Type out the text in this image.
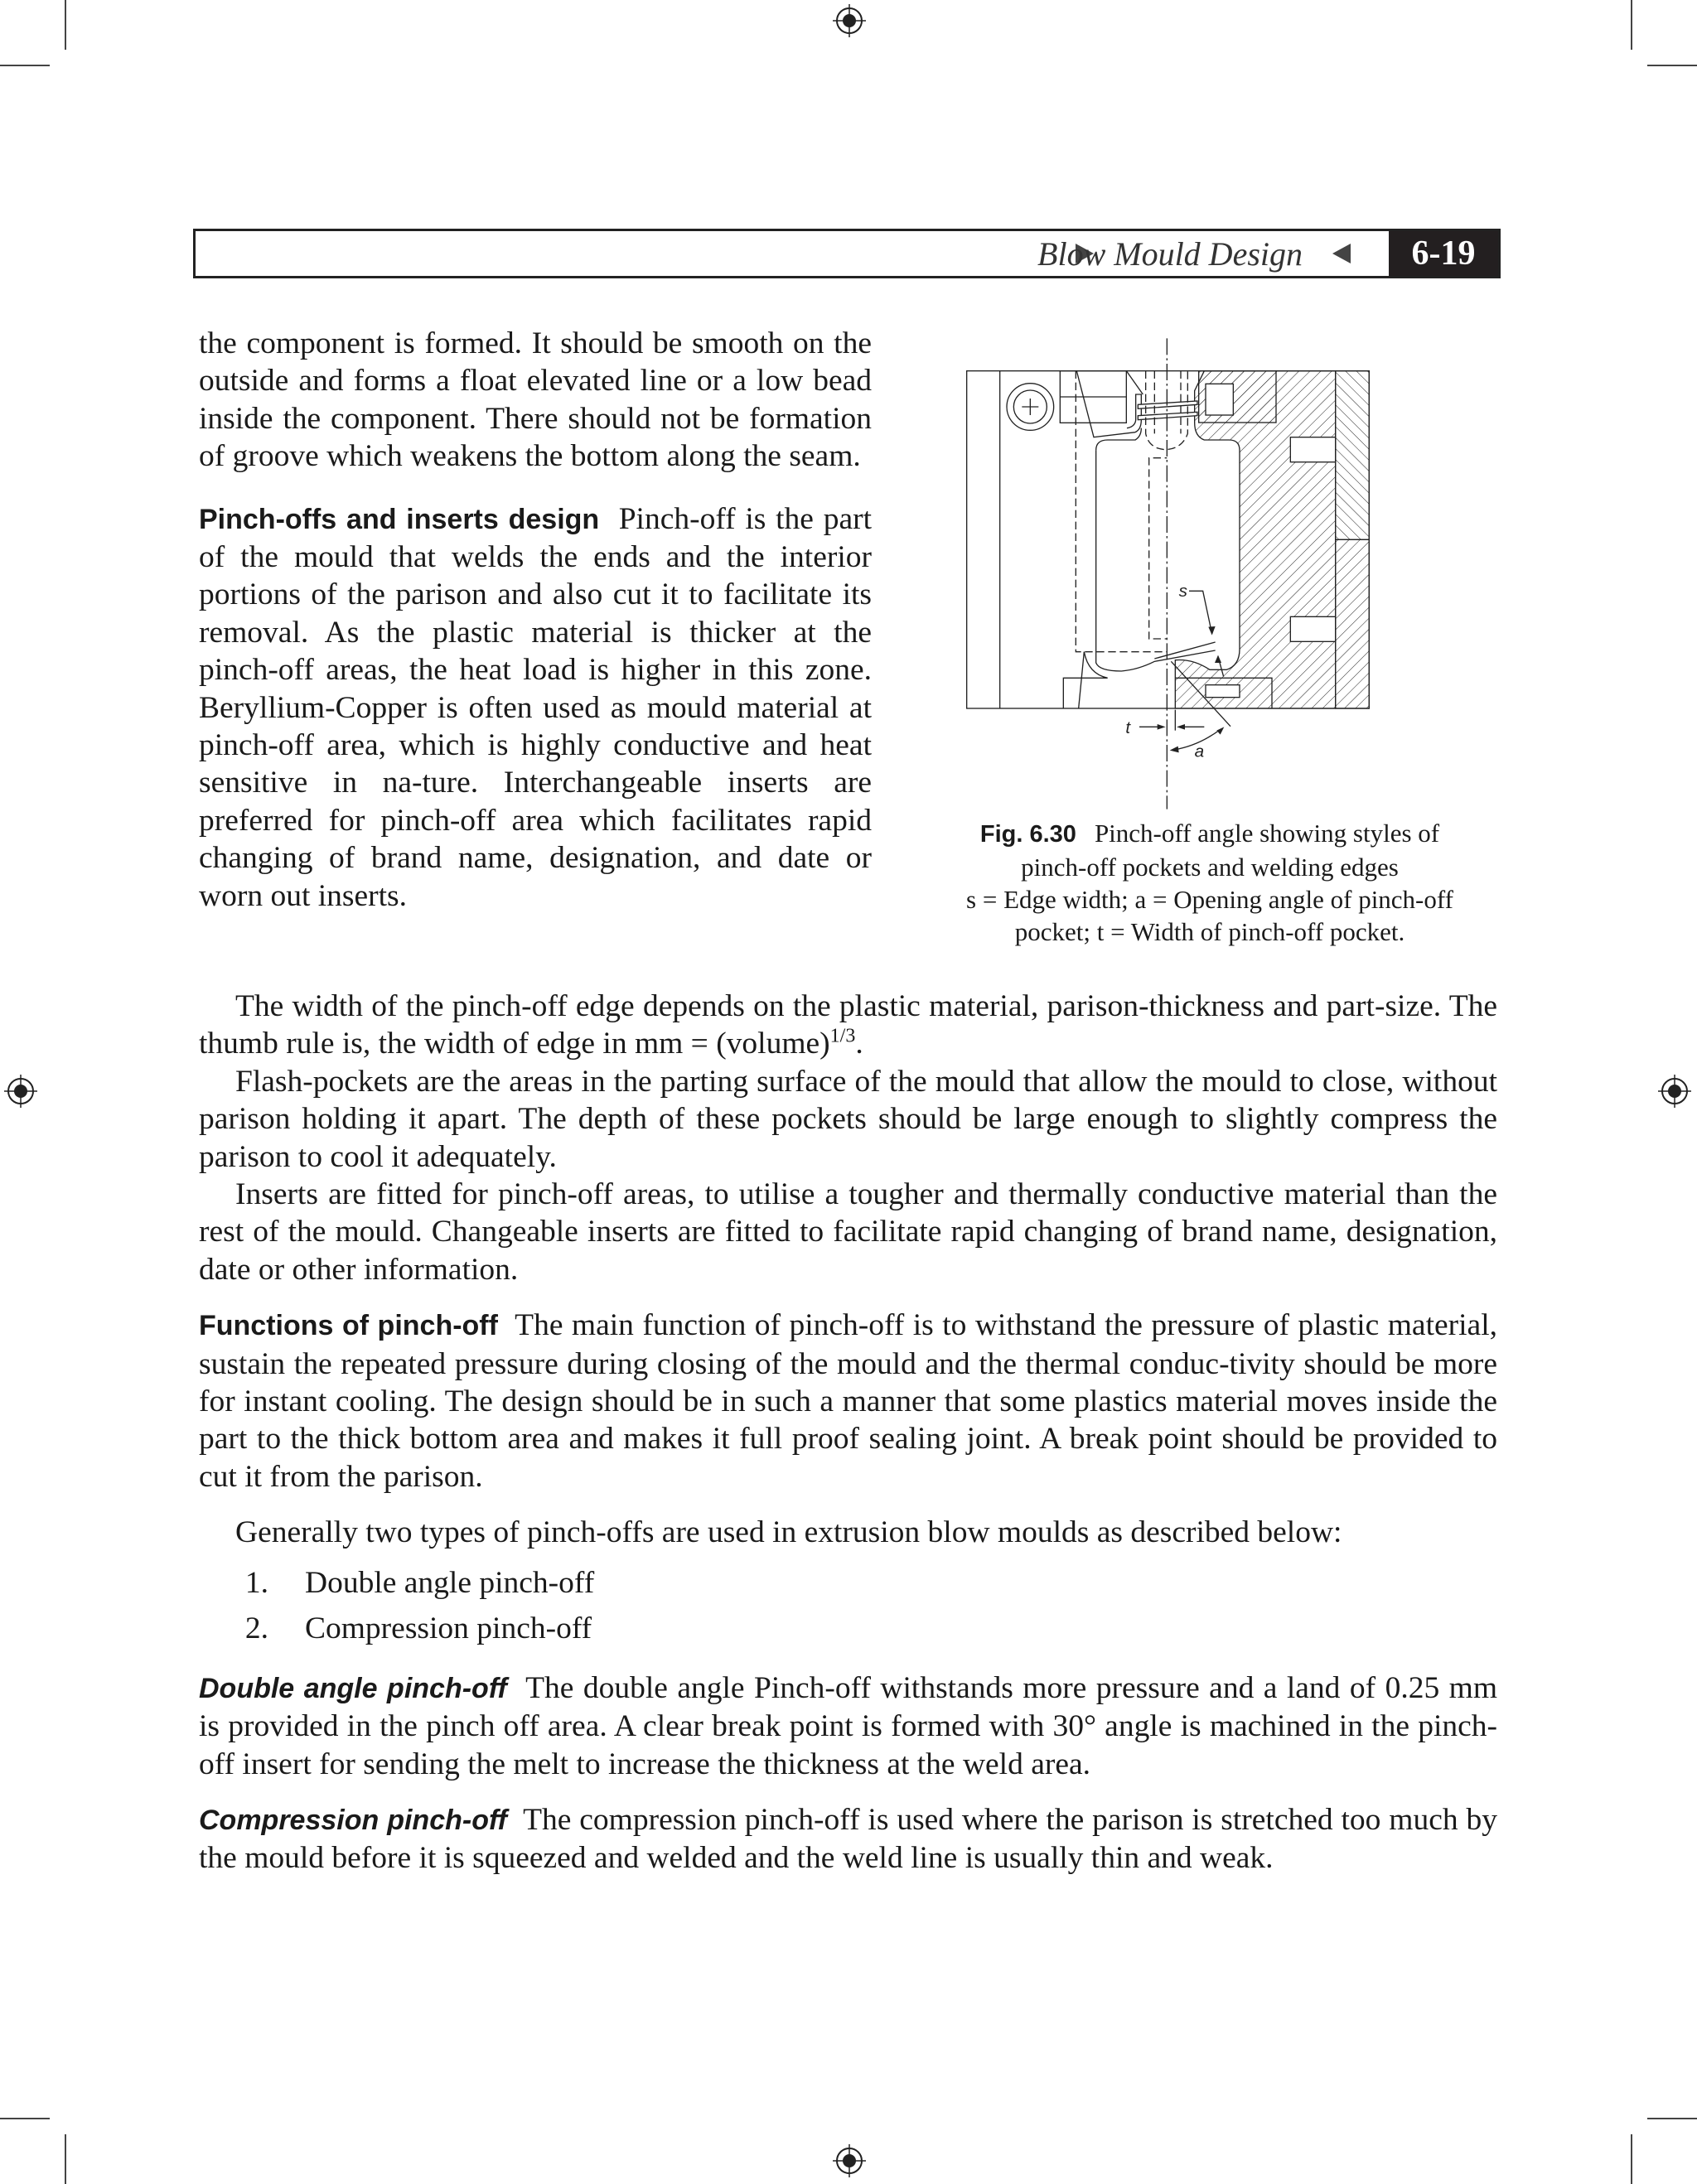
Blow Mould Design	6-19

the component is formed. It should be smooth on the outside and forms a float elevated line or a low bead inside the component. There should not be formation of groove which weakens the bottom along the seam.

Pinch-offs and inserts design Pinch-off is the part of the mould that welds the ends and the interior portions of the parison and also cut it to facilitate its removal. As the plastic material is thicker at the pinch-off areas, the heat load is higher in this zone. Beryllium-Copper is often used as mould material at pinch-off area, which is highly conductive and heat sensitive in na-ture. Interchangeable inserts are preferred for pinch-off area which facilitates rapid changing of brand name, designation, and date or worn out inserts.

s
t
a
Fig. 6.30 Pinch-off angle showing styles of
pinch-off pockets and welding edges
s = Edge width; a = Opening angle of pinch-off
pocket; t = Width of pinch-off pocket.

The width of the pinch-off edge depends on the plastic material, parison-thickness and part-size. The thumb rule is, the width of edge in mm = (volume)$^{1/3}$.

Flash-pockets are the areas in the parting surface of the mould that allow the mould to close, without parison holding it apart. The depth of these pockets should be large enough to slightly compress the parison to cool it adequately.

Inserts are fitted for pinch-off areas, to utilise a tougher and thermally conductive material than the rest of the mould. Changeable inserts are fitted to facilitate rapid changing of brand name, designation, date or other information.

Functions of pinch-off The main function of pinch-off is to withstand the pressure of plastic material, sustain the repeated pressure during closing of the mould and the thermal conduc-tivity should be more for instant cooling. The design should be in such a manner that some plastics material moves inside the part to the thick bottom area and makes it full proof sealing joint. A break point should be provided to cut it from the parison.

Generally two types of pinch-offs are used in extrusion blow moulds as described below:

1. Double angle pinch-off
2. Compression pinch-off

Double angle pinch-off The double angle Pinch-off withstands more pressure and a land of 0.25 mm is provided in the pinch off area. A clear break point is formed with 30° angle is machined in the pinch-off insert for sending the melt to increase the thickness at the weld area.

Compression pinch-off The compression pinch-off is used where the parison is stretched too much by the mould before it is squeezed and welded and the weld line is usually thin and weak.
